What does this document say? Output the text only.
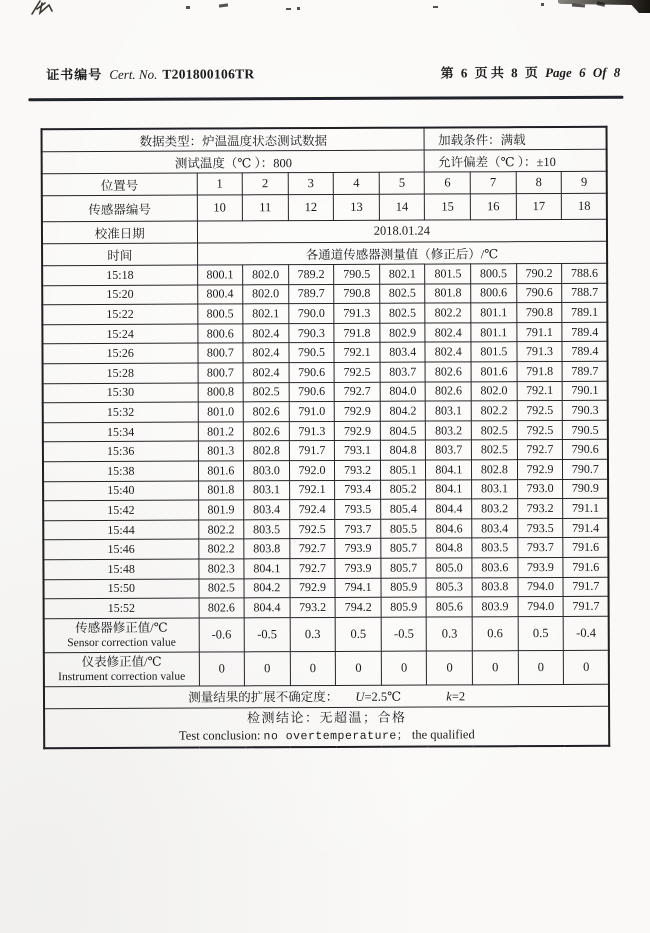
证书编号 Cert. No. T201800106TR	第 6 页 共 8 页 Page 6 Of 8
数据类型：炉温温度状态测试数据						加载条件：满载			
测试温度（℃ ）：800						允许偏差（℃ ）：±10			
位置号	1	2	3	4	5	6	7	8	9
传感器编号	10	11	12	13	14	15	16	17	18
校准日期	2018.01.24								
时间	各通道传感器测量值（修正后）/℃								
15:18	800.1	802.0	789.2	790.5	802.1	801.5	800.5	790.2	788.6
15:20	800.4	802.0	789.7	790.8	802.5	801.8	800.6	790.6	788.7
15:22	800.5	802.1	790.0	791.3	802.5	802.2	801.1	790.8	789.1
15:24	800.6	802.4	790.3	791.8	802.9	802.4	801.1	791.1	789.4
15:26	800.7	802.4	790.5	792.1	803.4	802.4	801.5	791.3	789.4
15:28	800.7	802.4	790.6	792.5	803.7	802.6	801.6	791.8	789.7
15:30	800.8	802.5	790.6	792.7	804.0	802.6	802.0	792.1	790.1
15:32	801.0	802.6	791.0	792.9	804.2	803.1	802.2	792.5	790.3
15:34	801.2	802.6	791.3	792.9	804.5	803.2	802.5	792.5	790.5
15:36	801.3	802.8	791.7	793.1	804.8	803.7	802.5	792.7	790.6
15:38	801.6	803.0	792.0	793.2	805.1	804.1	802.8	792.9	790.7
15:40	801.8	803.1	792.1	793.4	805.2	804.1	803.1	793.0	790.9
15:42	801.9	803.4	792.4	793.5	805.4	804.4	803.2	793.2	791.1
15:44	802.2	803.5	792.5	793.7	805.5	804.6	803.4	793.5	791.4
15:46	802.2	803.8	792.7	793.9	805.7	804.8	803.5	793.7	791.6
15:48	802.3	804.1	792.7	793.9	805.7	805.0	803.6	793.9	791.6
15:50	802.5	804.2	792.9	794.1	805.9	805.3	803.8	794.0	791.7
15:52	802.6	804.4	793.2	794.2	805.9	805.6	803.9	794.0	791.7

传感器修正值/℃
Sensor correction value	-0.6	-0.5	0.3	0.5	-0.5	0.3	0.6	0.5	-0.4

仪表修正值/℃
Instrument correction value	0	0	0	0	0	0	0	0	0
测量结果的扩展不确定度： U=2.5℃ k=2									

检测结论：无超温；合格
Test conclusion: no overtemperature； the qualified									
